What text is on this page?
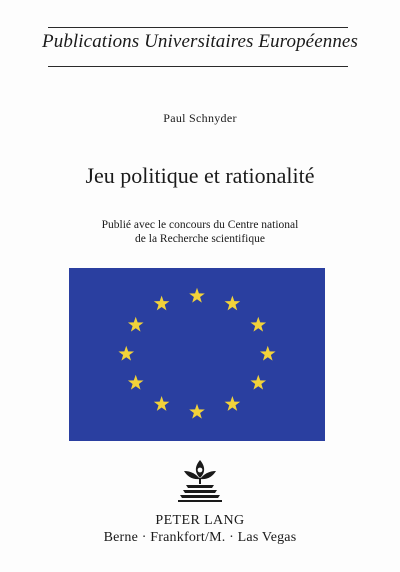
Publications Universitaires Européennes
Paul Schnyder
Jeu politique et rationalité
Publié avec le concours du Centre national
de la Recherche scientifique
PETER LANG
Berne · Frankfort/M. · Las Vegas
